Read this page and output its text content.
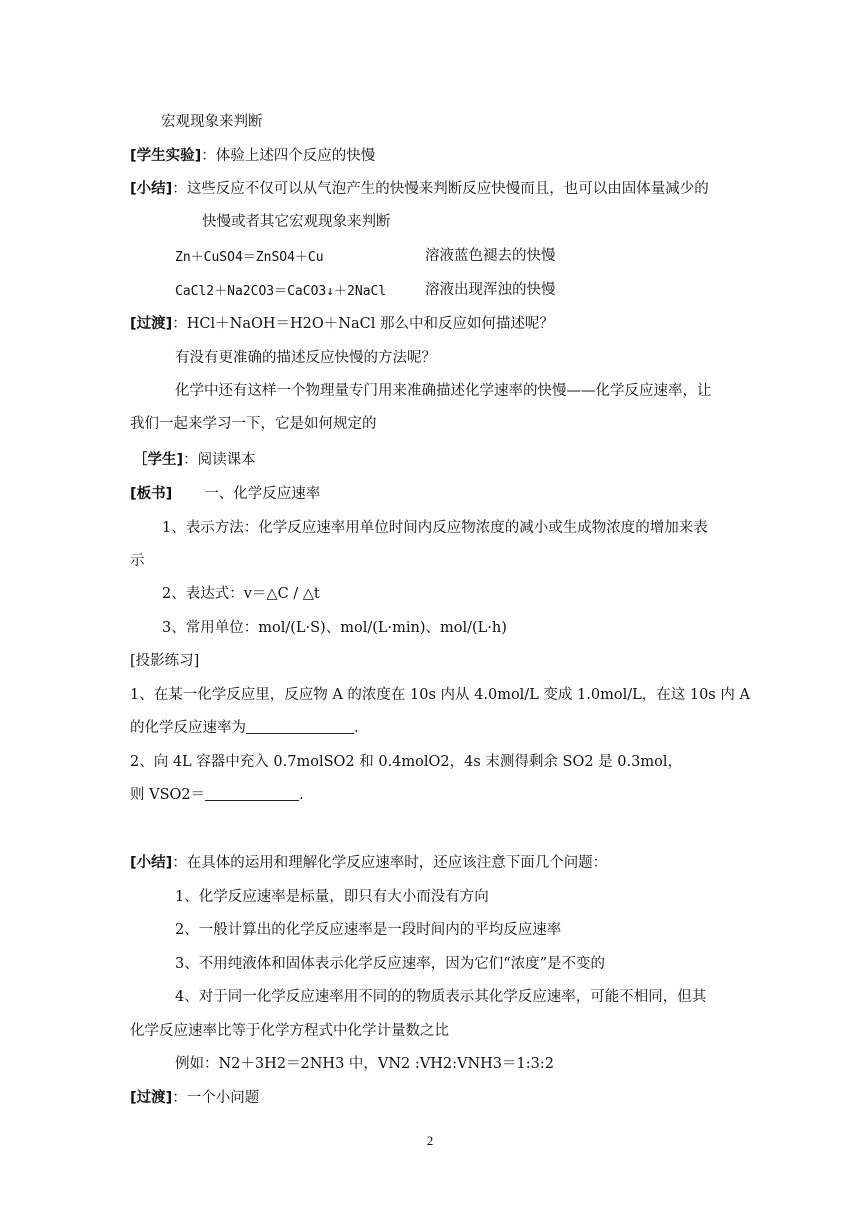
宏观现象来判断
[学生实验]：体验上述四个反应的快慢
[小结]：这些反应不仅可以从气泡产生的快慢来判断反应快慢而且，也可以由固体量减少的
快慢或者其它宏观现象来判断
Zn＋CuSO4＝ZnSO4＋Cu	溶液蓝色褪去的快慢
CaCl2＋Na2CO3＝CaCO3↓＋2NaCl	溶液出现浑浊的快慢
[过渡]：HCl＋NaOH＝H2O＋NaCl 那么中和反应如何描述呢？
有没有更准确的描述反应快慢的方法呢？
化学中还有这样一个物理量专门用来准确描述化学速率的快慢——化学反应速率，让
我们一起来学习一下，它是如何规定的
［学生]：阅读课本
[板书] 一、化学反应速率
1、表示方法：化学反应速率用单位时间内反应物浓度的减小或生成物浓度的增加来表
示
2、表达式：v＝△C / △t
3、常用单位：mol/(L·S)、mol/(L·min)、mol/(L·h)
[投影练习]
1、在某一化学反应里，反应物 A 的浓度在 10s 内从 4.0mol/L 变成 1.0mol/L，在这 10s 内 A
的化学反应速率为	.
2、向 4L 容器中充入 0.7molSO2 和 0.4molO2，4s 末测得剩余 SO2 是 0.3mol，
则 VSO2＝	.
[小结]：在具体的运用和理解化学反应速率时，还应该注意下面几个问题：
1、化学反应速率是标量，即只有大小而没有方向
2、一般计算出的化学反应速率是一段时间内的平均反应速率
3、不用纯液体和固体表示化学反应速率，因为它们“浓度”是不变的
4、对于同一化学反应速率用不同的的物质表示其化学反应速率，可能不相同，但其
化学反应速率比等于化学方程式中化学计量数之比
例如：N2＋3H2＝2NH3 中，VN2 :VH2:VNH3＝1:3:2
[过渡]：一个小问题
2
